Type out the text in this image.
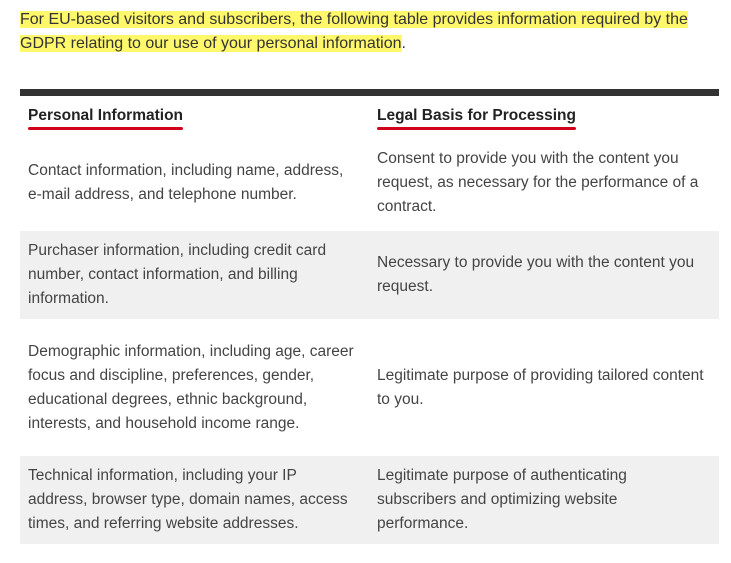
For EU-based visitors and subscribers, the following table provides information required by the GDPR relating to our use of your personal information.
Personal Information	Legal Basis for Processing
Contact information, including name, address, e-mail address, and telephone number.
Consent to provide you with the content you request, as necessary for the performance of a contract.
Purchaser information, including credit card number, contact information, and billing information.
Necessary to provide you with the content you request.
Demographic information, including age, career focus and discipline, preferences, gender, educational degrees, ethnic background, interests, and household income range.
Legitimate purpose of providing tailored content to you.
Technical information, including your IP address, browser type, domain names, access times, and referring website addresses.
Legitimate purpose of authenticating subscribers and optimizing website performance.
